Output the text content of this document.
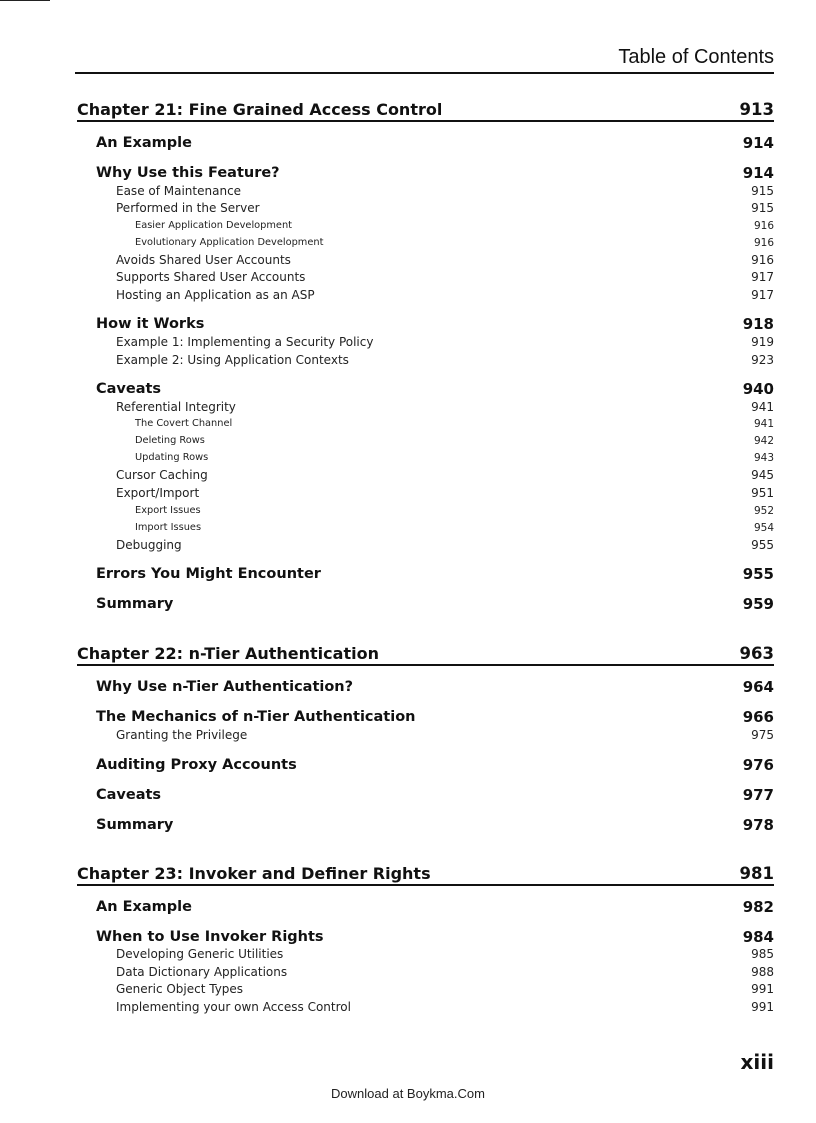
Table of Contents
Chapter 21: Fine Grained Access Control	913
An Example	914
Why Use this Feature?	914
Ease of Maintenance	915
Performed in the Server	915
Easier Application Development	916
Evolutionary Application Development	916
Avoids Shared User Accounts	916
Supports Shared User Accounts	917
Hosting an Application as an ASP	917
How it Works	918
Example 1: Implementing a Security Policy	919
Example 2: Using Application Contexts	923
Caveats	940
Referential Integrity	941
The Covert Channel	941
Deleting Rows	942
Updating Rows	943
Cursor Caching	945
Export/Import	951
Export Issues	952
Import Issues	954
Debugging	955
Errors You Might Encounter	955
Summary	959
Chapter 22: n-Tier Authentication	963
Why Use n-Tier Authentication?	964
The Mechanics of n-Tier Authentication	966
Granting the Privilege	975
Auditing Proxy Accounts	976
Caveats	977
Summary	978
Chapter 23: Invoker and Definer Rights	981
An Example	982
When to Use Invoker Rights	984
Developing Generic Utilities	985
Data Dictionary Applications	988
Generic Object Types	991
Implementing your own Access Control	991
xiii
Download at Boykma.Com
